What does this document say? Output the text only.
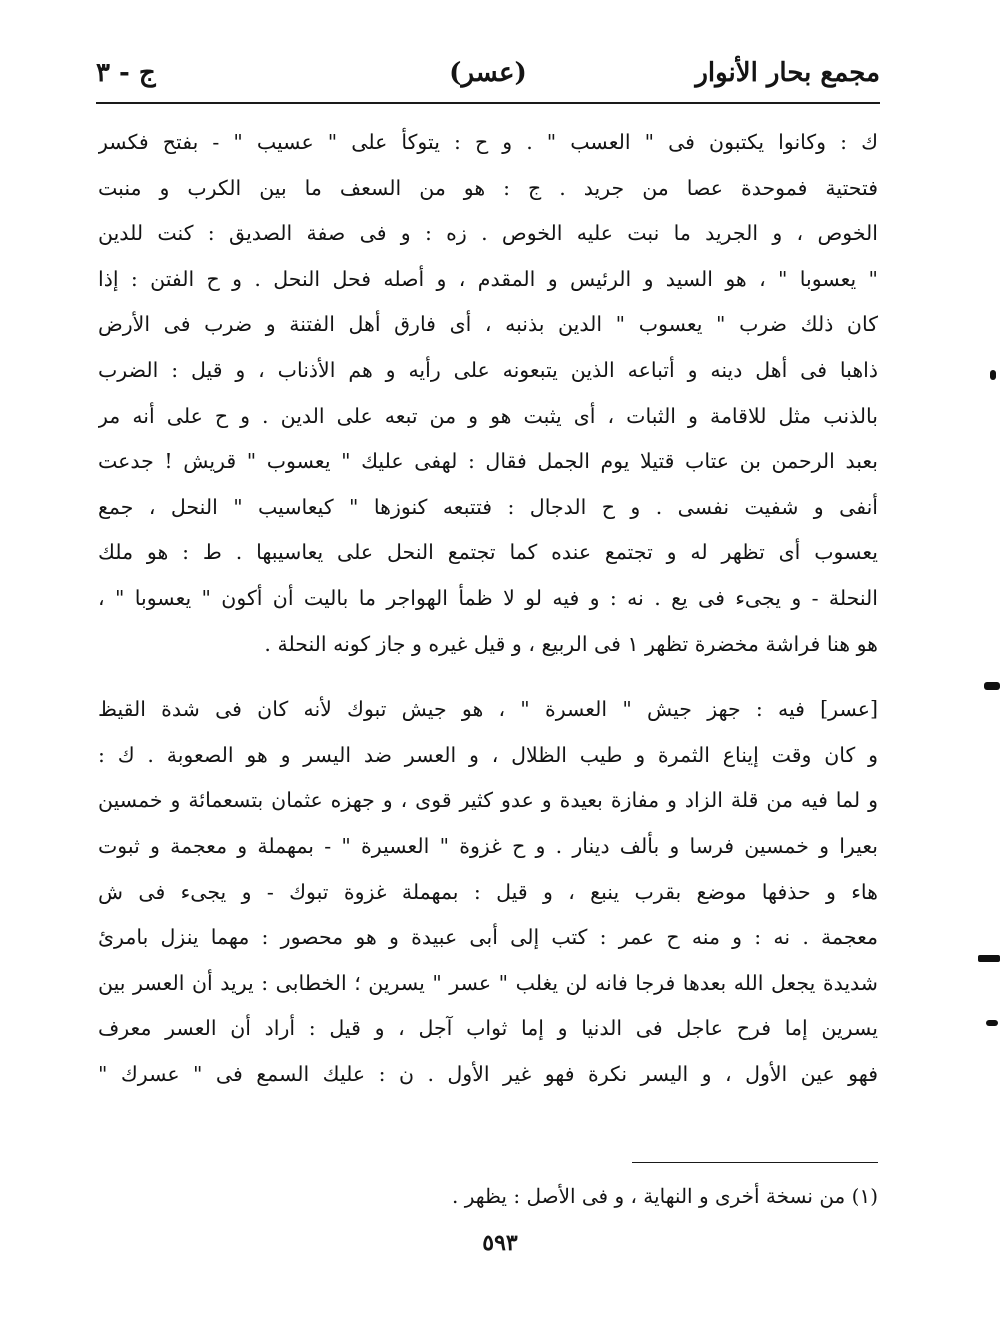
مجمع بحار الأنوار
(عسر)
ج - ٣
ك : وكانوا يكتبون فى " العسب " . و ح : يتوكأ على " عسيب " - بفتح فكسر
فتحتية فموحدة عصا من جريد . ج : هو من السعف ما بين الكرب و منبت
الخوص ، و الجريد ما نبت عليه الخوص . زه : و فى صفة الصديق : كنت للدين
" يعسوبا " ، هو السيد و الرئيس و المقدم ، و أصله فحل النحل . و ح الفتن : إذا
كان ذلك ضرب " يعسوب " الدين بذنبه ، أى فارق أهل الفتنة و ضرب فى الأرض
ذاهبا فى أهل دينه و أتباعه الذين يتبعونه على رأيه و هم الأذناب ، و قيل : الضرب
بالذنب مثل للاقامة و الثبات ، أى يثبت هو و من تبعه على الدين . و ح على أنه مر
بعبد الرحمن بن عتاب قتيلا يوم الجمل فقال : لهفى عليك " يعسوب " قريش ! جدعت
أنفى و شفيت نفسى . و ح الدجال : فتتبعه كنوزها " كيعاسيب " النحل ، جمع
يعسوب أى تظهر له و تجتمع عنده كما تجتمع النحل على يعاسيبها . ط : هو ملك
النحلة - و يجىء فى يع . نه : و فيه لو لا ظمأ الهواجر ما باليت أن أكون " يعسوبا " ،
هو هنا فراشة مخضرة تظهر ١ فى الربيع ، و قيل غيره و جاز كونه النحلة .
[عسر] فيه : جهز جيش " العسرة " ، هو جيش تبوك لأنه كان فى شدة القيظ
و كان وقت إيناع الثمرة و طيب الظلال ، و العسر ضد اليسر و هو الصعوبة . ك :
و لما فيه من قلة الزاد و مفازة بعيدة و عدو كثير قوى ، و جهزه عثمان بتسعمائة و خمسين
بعيرا و خمسين فرسا و بألف دينار . و ح غزوة " العسيرة " - بمهملة و معجمة و ثبوت
هاء و حذفها موضع بقرب ينبع ، و قيل : بمهملة غزوة تبوك - و يجىء فى ش
معجمة . نه : و منه ح عمر : كتب إلى أبى عبيدة و هو محصور : مهما ينزل بامرئ
شديدة يجعل الله بعدها فرجا فانه لن يغلب " عسر " يسرين ؛ الخطابى : يريد أن العسر بين
يسرين إما فرح عاجل فى الدنيا و إما ثواب آجل ، و قيل : أراد أن العسر معرف
فهو عين الأول ، و اليسر نكرة فهو غير الأول . ن : عليك السمع فى " عسرك "
(١) من نسخة أخرى و النهاية ، و فى الأصل : يظهر .
٥٩٣
